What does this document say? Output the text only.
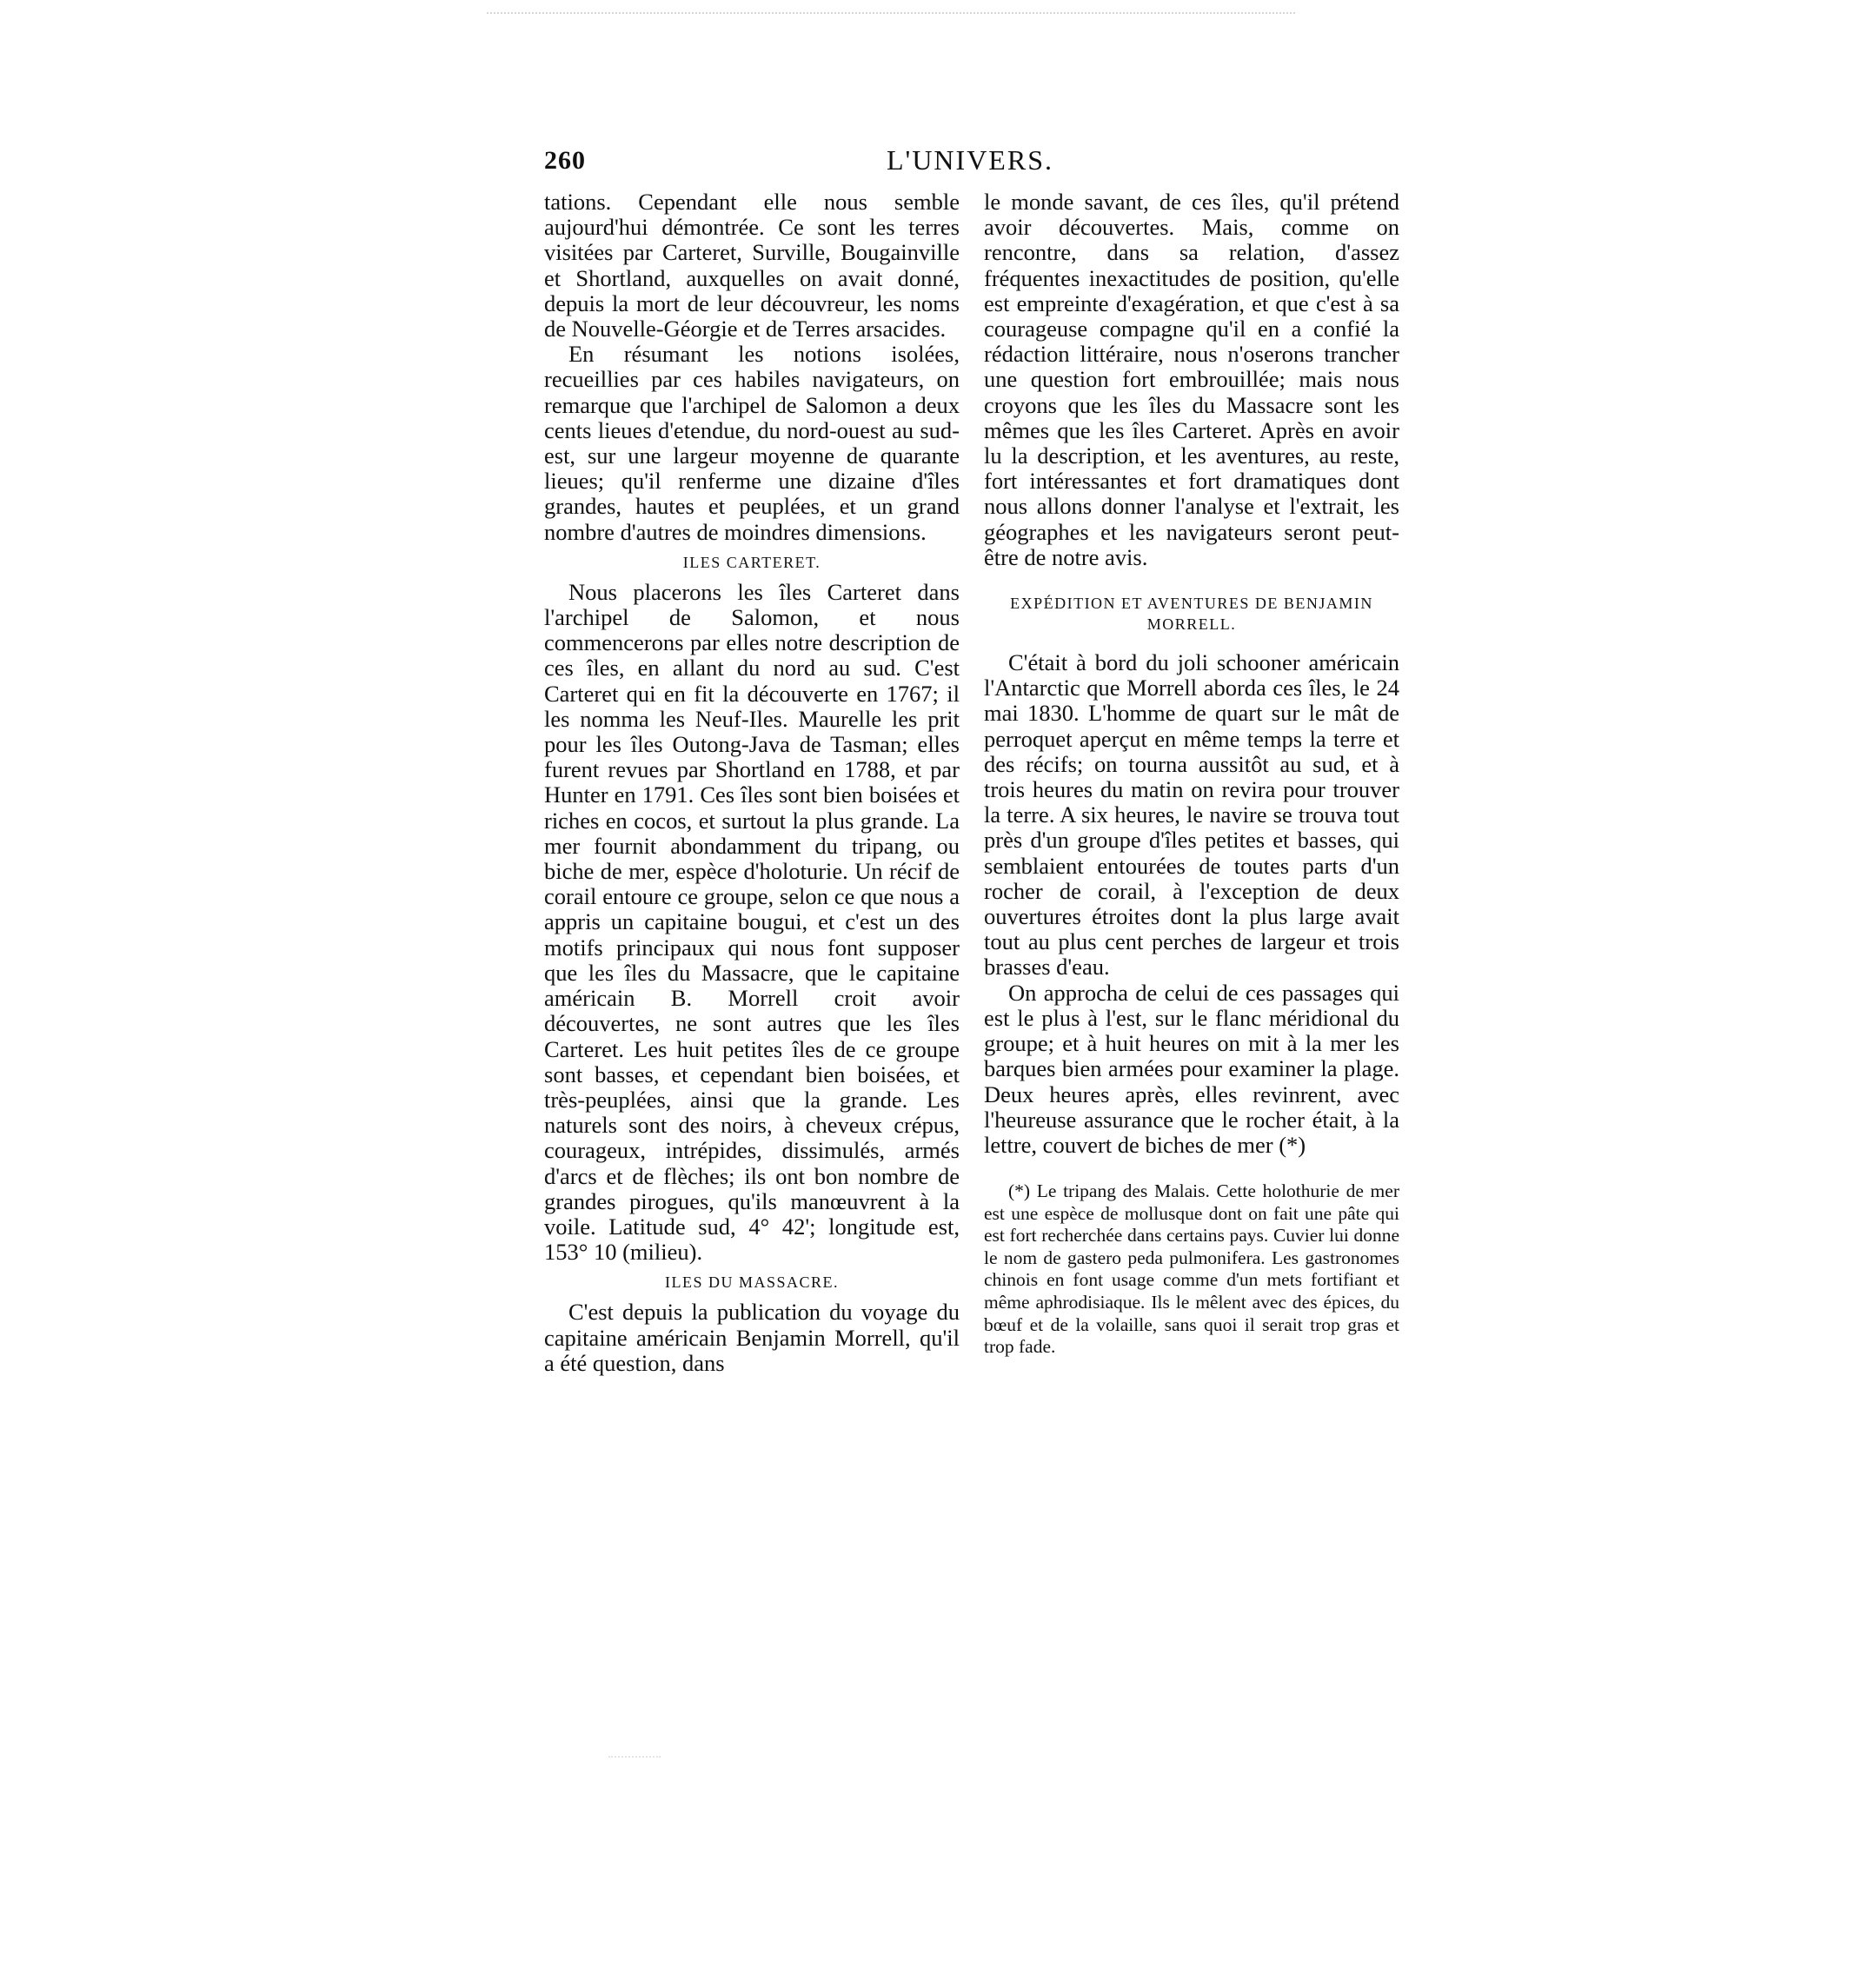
260	L'UNIVERS.

tations. Cependant elle nous semble aujourd'hui démontrée. Ce sont les terres visitées par Carteret, Surville, Bougainville et Shortland, auxquelles on avait donné, depuis la mort de leur découvreur, les noms de Nouvelle-Géorgie et de Terres arsacides.

En résumant les notions isolées, recueillies par ces habiles navigateurs, on remarque que l'archipel de Salomon a deux cents lieues d'etendue, du nord-ouest au sud-est, sur une largeur moyenne de quarante lieues; qu'il renferme une dizaine d'îles grandes, hautes et peuplées, et un grand nombre d'autres de moindres dimensions.

ILES CARTERET.

Nous placerons les îles Carteret dans l'archipel de Salomon, et nous commencerons par elles notre description de ces îles, en allant du nord au sud. C'est Carteret qui en fit la découverte en 1767; il les nomma les Neuf-Iles. Maurelle les prit pour les îles Outong-Java de Tasman; elles furent revues par Shortland en 1788, et par Hunter en 1791. Ces îles sont bien boisées et riches en cocos, et surtout la plus grande. La mer fournit abondamment du tripang, ou biche de mer, espèce d'holoturie. Un récif de corail entoure ce groupe, selon ce que nous a appris un capitaine bougui, et c'est un des motifs principaux qui nous font supposer que les îles du Massacre, que le capitaine américain B. Morrell croit avoir découvertes, ne sont autres que les îles Carteret. Les huit petites îles de ce groupe sont basses, et cependant bien boisées, et très-peuplées, ainsi que la grande. Les naturels sont des noirs, à cheveux crépus, courageux, intrépides, dissimulés, armés d'arcs et de flèches; ils ont bon nombre de grandes pirogues, qu'ils manœuvrent à la voile. Latitude sud, 4° 42'; longitude est, 153° 10 (milieu).

ILES DU MASSACRE.

C'est depuis la publication du voyage du capitaine américain Benjamin Morrell, qu'il a été question, dans

le monde savant, de ces îles, qu'il prétend avoir découvertes. Mais, comme on rencontre, dans sa relation, d'assez fréquentes inexactitudes de position, qu'elle est empreinte d'exagération, et que c'est à sa courageuse compagne qu'il en a confié la rédaction littéraire, nous n'oserons trancher une question fort embrouillée; mais nous croyons que les îles du Massacre sont les mêmes que les îles Carteret. Après en avoir lu la description, et les aventures, au reste, fort intéressantes et fort dramatiques dont nous allons donner l'analyse et l'extrait, les géographes et les navigateurs seront peut-être de notre avis.

EXPÉDITION ET AVENTURES DE BENJAMIN MORRELL.

C'était à bord du joli schooner américain l'Antarctic que Morrell aborda ces îles, le 24 mai 1830. L'homme de quart sur le mât de perroquet aperçut en même temps la terre et des récifs; on tourna aussitôt au sud, et à trois heures du matin on revira pour trouver la terre. A six heures, le navire se trouva tout près d'un groupe d'îles petites et basses, qui semblaient entourées de toutes parts d'un rocher de corail, à l'exception de deux ouvertures étroites dont la plus large avait tout au plus cent perches de largeur et trois brasses d'eau.

On approcha de celui de ces passages qui est le plus à l'est, sur le flanc méridional du groupe; et à huit heures on mit à la mer les barques bien armées pour examiner la plage. Deux heures après, elles revinrent, avec l'heureuse assurance que le rocher était, à la lettre, couvert de biches de mer (*)

(*) Le tripang des Malais. Cette holothurie de mer est une espèce de mollusque dont on fait une pâte qui est fort recherchée dans certains pays. Cuvier lui donne le nom de gastero peda pulmonifera. Les gastronomes chinois en font usage comme d'un mets fortifiant et même aphrodisiaque. Ils le mêlent avec des épices, du bœuf et de la volaille, sans quoi il serait trop gras et trop fade.
